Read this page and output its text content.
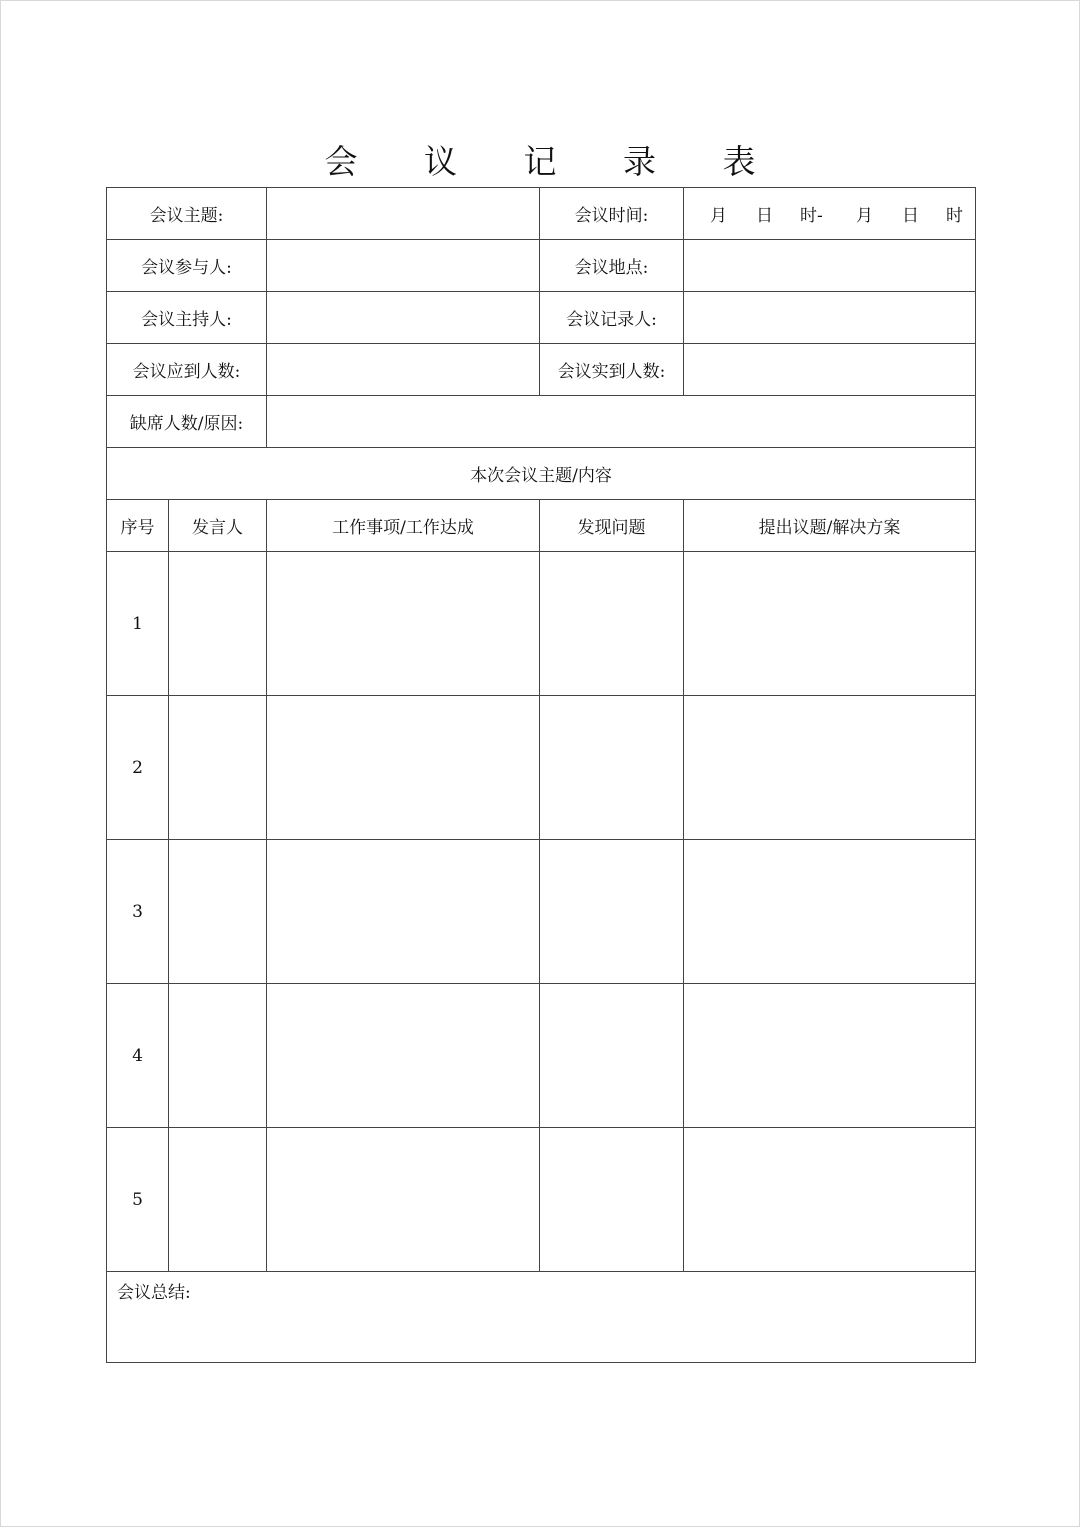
会 议 记 录 表
会议主题:			会议时间:	月 日 时- 月 日 时
会议参与人:			会议地点:	
会议主持人:			会议记录人:	
会议应到人数:			会议实到人数:	
缺席人数/原因:				
本次会议主题/内容				
序号	发言人	工作事项/工作达成	发现问题	提出议题/解决方案
1				
2				
3				
4				
5				
会议总结:				
